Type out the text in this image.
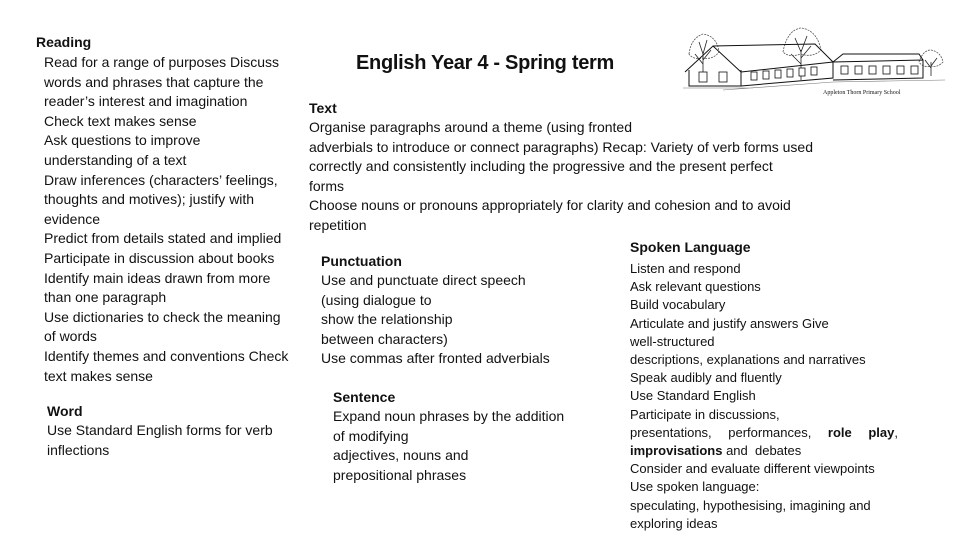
English Year 4 - Spring term
Appleton Thorn Primary School
Reading
Read for a range of purposes Discuss
words and phrases that capture the
reader’s interest and imagination
Check text makes sense
Ask questions to improve
understanding of a text
Draw inferences (characters’ feelings,
thoughts and motives); justify with
evidence
Predict from details stated and implied
Participate in discussion about books
Identify main ideas drawn from more
than one paragraph
Use dictionaries to check the meaning
of words
Identify themes and conventions Check
text makes sense
Word
Use Standard English forms for verb
inflections
Text
Organise paragraphs around a theme (using fronted
adverbials to introduce or connect paragraphs) Recap: Variety of verb forms used
correctly and consistently including the progressive and the present perfect
forms
Choose nouns or pronouns appropriately for clarity and cohesion and to avoid
repetition
Punctuation
Use and punctuate direct speech
(using dialogue to
show the relationship
between characters)
Use commas after fronted adverbials
Sentence
Expand noun phrases by the addition
of modifying
adjectives, nouns and
prepositional phrases
Spoken Language
Listen and respond
Ask relevant questions
Build vocabulary
Articulate and justify answers Give
well-structured
descriptions, explanations and narratives
Speak audibly and fluently
Use Standard English
Participate in discussions,
presentations, performances, role play,
improvisations and  debates
Consider and evaluate different viewpoints
Use spoken language:
speculating, hypothesising, imagining and
exploring ideas
